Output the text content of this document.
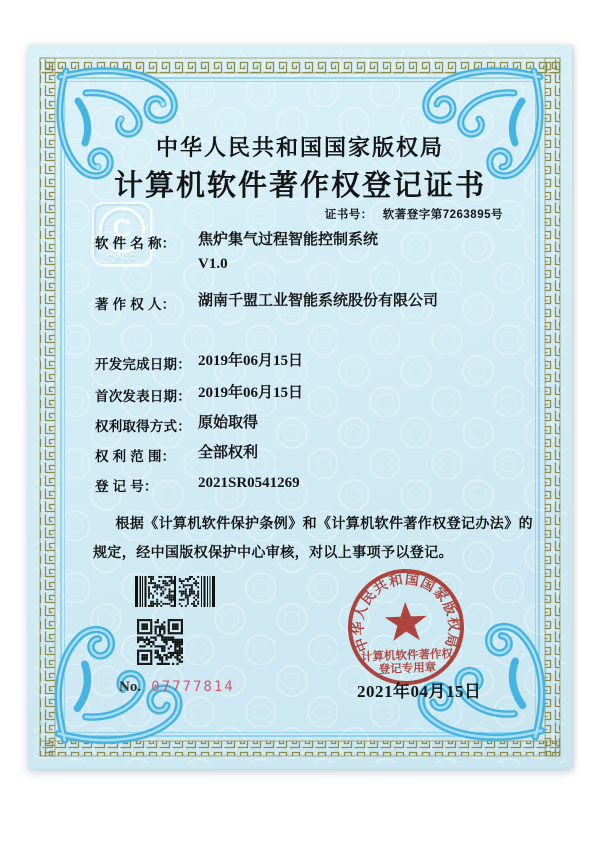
C
CPCC
中华人民共和国国家版权局
计算机软件著作权登记证书
证书号： 软著登字第7263895号
软 件 名 称：	焦炉集气过程智能控制系统
V1.0
著 作 权 人：	湖南千盟工业智能系统股份有限公司
开发完成日期： 2019年06月15日
首次发表日期： 2019年06月15日
权利取得方式： 原始取得
权 利 范 围：	全部权利
登 记 号：	2021SR0541269
根据《计算机软件保护条例》和《计算机软件著作权登记办法》的
规定，经中国版权保护中心审核，对以上事项予以登记。
No. 07777814
中华人民共和国国家版权局
计算机软件著作权
登记专用章
2021年04月15日
